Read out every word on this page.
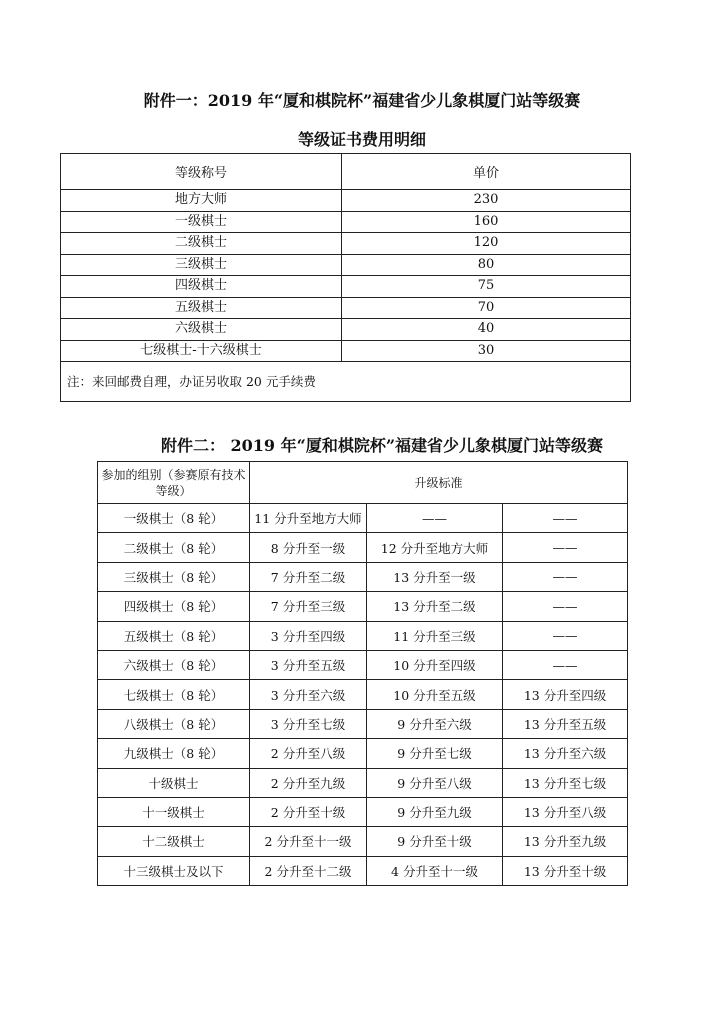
附件一：2019 年“厦和棋院杯”福建省少儿象棋厦门站等级赛
等级证书费用明细
等级称号	单价
地方大师	230
一级棋士	160
二级棋士	120
三级棋士	80
四级棋士	75
五级棋士	70
六级棋士	40
七级棋士-十六级棋士	30
注：来回邮费自理，办证另收取 20 元手续费	
附件二： 2019 年“厦和棋院杯”福建省少儿象棋厦门站等级赛
参加的组别（参赛原有技术等级）	升级标准		
一级棋士（8 轮）	11 分升至地方大师	——	——
二级棋士（8 轮）	8 分升至一级	12 分升至地方大师	——
三级棋士（8 轮）	7 分升至二级	13 分升至一级	——
四级棋士（8 轮）	7 分升至三级	13 分升至二级	——
五级棋士（8 轮）	3 分升至四级	11 分升至三级	——
六级棋士（8 轮）	3 分升至五级	10 分升至四级	——
七级棋士（8 轮）	3 分升至六级	10 分升至五级	13 分升至四级
八级棋士（8 轮）	3 分升至七级	9 分升至六级	13 分升至五级
九级棋士（8 轮）	2 分升至八级	9 分升至七级	13 分升至六级
十级棋士	2 分升至九级	9 分升至八级	13 分升至七级
十一级棋士	2 分升至十级	9 分升至九级	13 分升至八级
十二级棋士	2 分升至十一级	9 分升至十级	13 分升至九级
十三级棋士及以下	2 分升至十二级	4 分升至十一级	13 分升至十级
